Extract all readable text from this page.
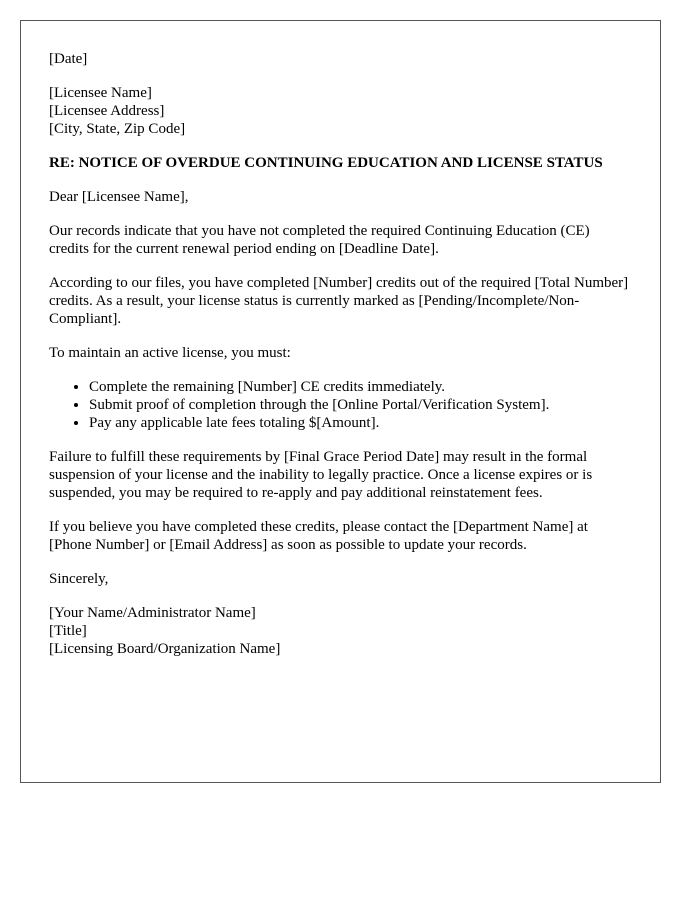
[Date]

[Licensee Name]
[Licensee Address]
[City, State, Zip Code]

RE: NOTICE OF OVERDUE CONTINUING EDUCATION AND LICENSE STATUS

Dear [Licensee Name],

Our records indicate that you have not completed the required Continuing Education (CE) credits for the current renewal period ending on [Deadline Date].

According to our files, you have completed [Number] credits out of the required [Total Number] credits. As a result, your license status is currently marked as [Pending/Incomplete/Non-Compliant].

To maintain an active license, you must:

• Complete the remaining [Number] CE credits immediately.
• Submit proof of completion through the [Online Portal/Verification System].
• Pay any applicable late fees totaling $[Amount].

Failure to fulfill these requirements by [Final Grace Period Date] may result in the formal suspension of your license and the inability to legally practice. Once a license expires or is suspended, you may be required to re-apply and pay additional reinstatement fees.

If you believe you have completed these credits, please contact the [Department Name] at [Phone Number] or [Email Address] as soon as possible to update your records.

Sincerely,

[Your Name/Administrator Name]
[Title]
[Licensing Board/Organization Name]
